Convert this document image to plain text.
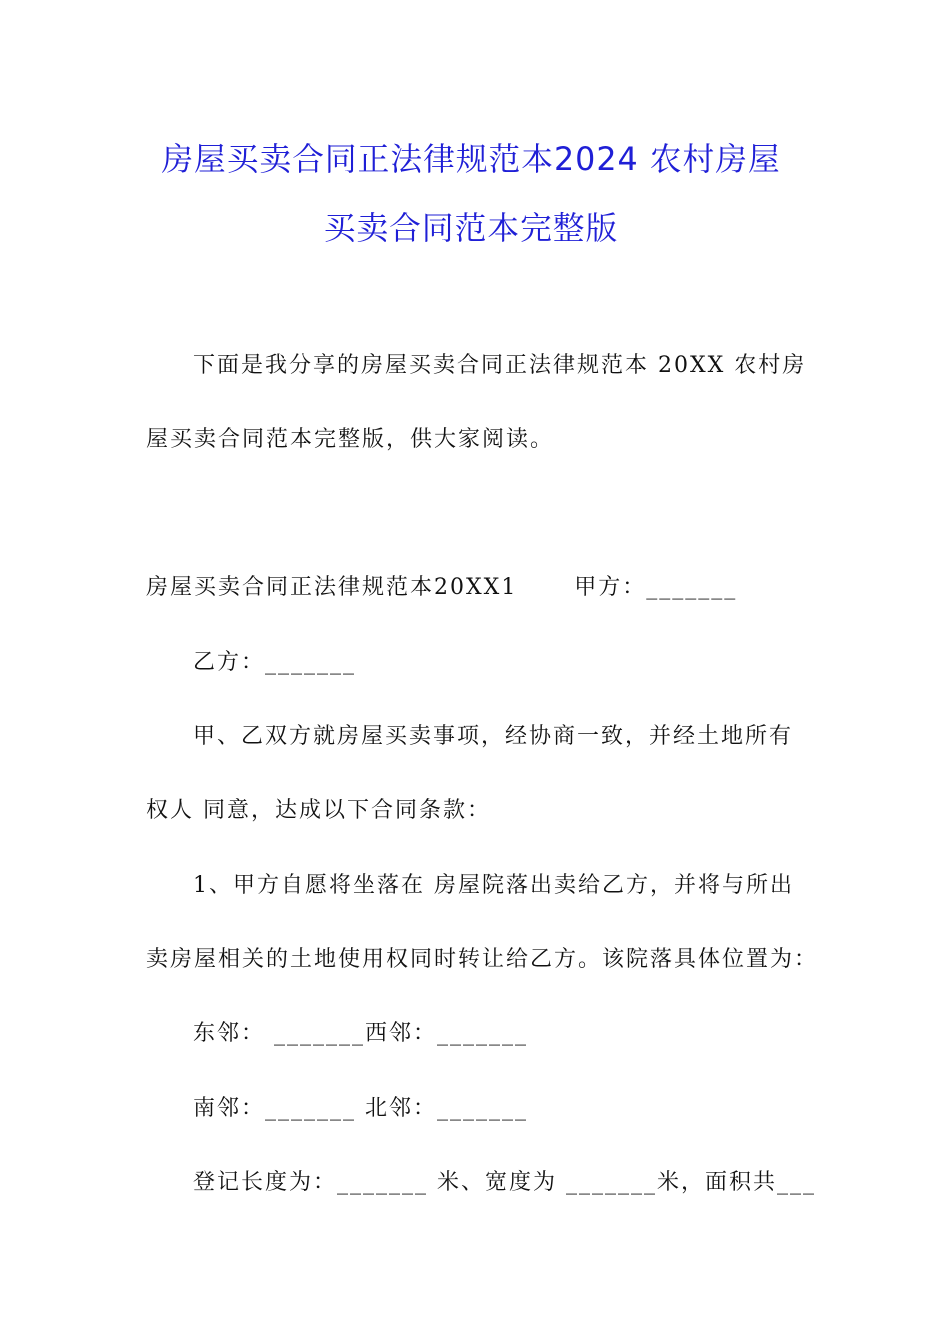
房屋买卖合同正法律规范本2024 农村房屋
买卖合同范本完整版
下面是我分享的房屋买卖合同正法律规范本 20XX 农村房
屋买卖合同范本完整版，供大家阅读。
房屋买卖合同正法律规范本20XX1　　 甲方：_______
乙方：_______
甲、乙双方就房屋买卖事项，经协商一致，并经土地所有
权人 同意，达成以下合同条款：
1、甲方自愿将坐落在 房屋院落出卖给乙方，并将与所出
卖房屋相关的土地使用权同时转让给乙方。该院落具体位置为：
东邻： _______西邻：_______
南邻：_______ 北邻：_______
登记长度为：_______ 米、宽度为 _______米，面积共___
